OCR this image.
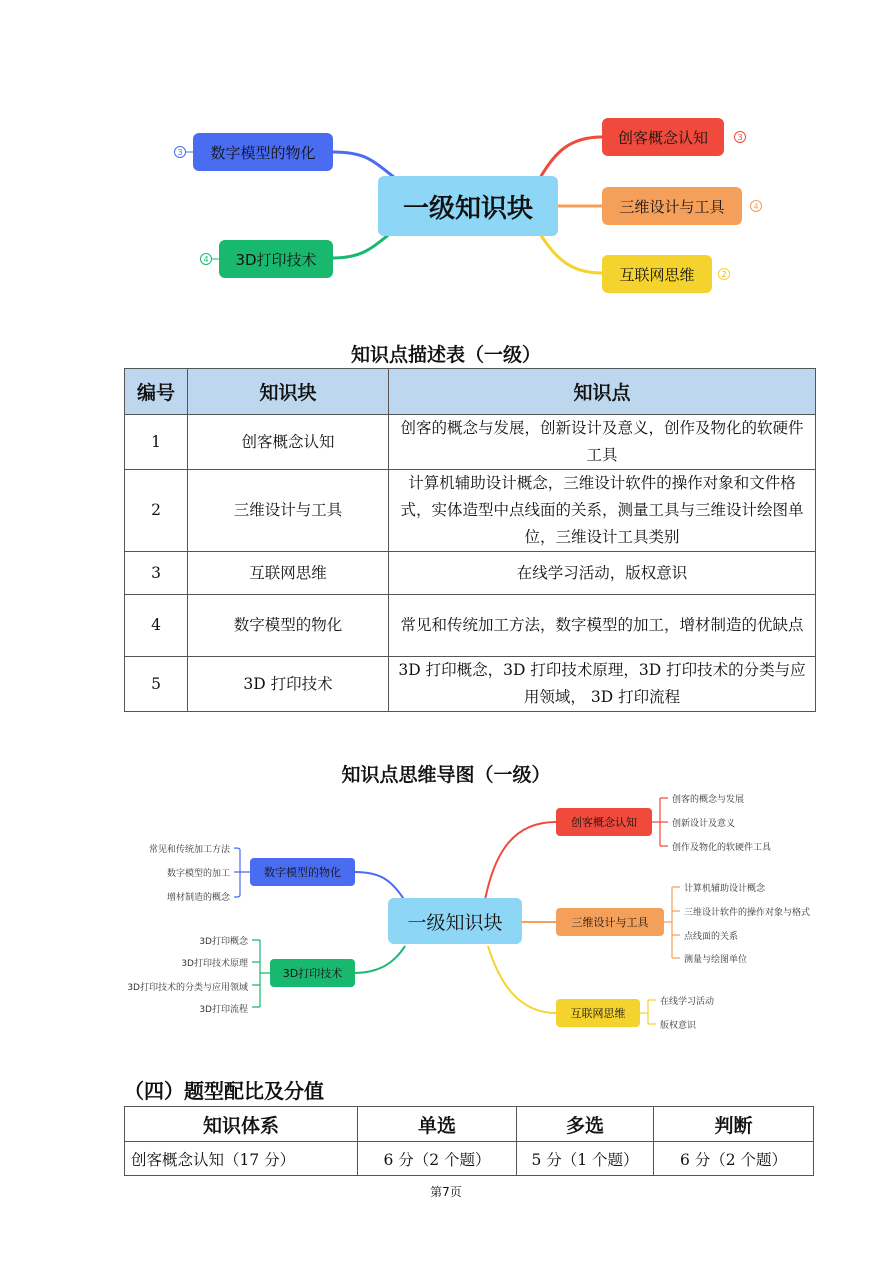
一级知识块
数字模型的物化
3D打印技术
创客概念认知
三维设计与工具
互联网思维
3
4
3
4
2
知识点描述表（一级）
编号	知识块	知识点
1	创客概念认知	创客的概念与发展，创新设计及意义，创作及物化的软硬件工具
2	三维设计与工具	计算机辅助设计概念，三维设计软件的操作对象和文件格式，实体造型中点线面的关系，测量工具与三维设计绘图单位，三维设计工具类别
3	互联网思维	在线学习活动，版权意识
4	数字模型的物化	常见和传统加工方法，数字模型的加工，增材制造的优缺点
5	3D 打印技术	3D 打印概念，3D 打印技术原理，3D 打印技术的分类与应用领域， 3D 打印流程
知识点思维导图（一级）
一级知识块
数字模型的物化
3D打印技术
创客概念认知
三维设计与工具
互联网思维
常见和传统加工方法
数字模型的加工
增材制造的概念
3D打印概念
3D打印技术原理
3D打印技术的分类与应用领域
3D打印流程
创客的概念与发展
创新设计及意义
创作及物化的软硬件工具
计算机辅助设计概念
三维设计软件的操作对象与格式
点线面的关系
测量与绘图单位
在线学习活动
版权意识
（四）题型配比及分值
知识体系	单选	多选	判断
创客概念认知（17 分）	6 分（2 个题）	5 分（1 个题）	6 分（2 个题）
第7页
